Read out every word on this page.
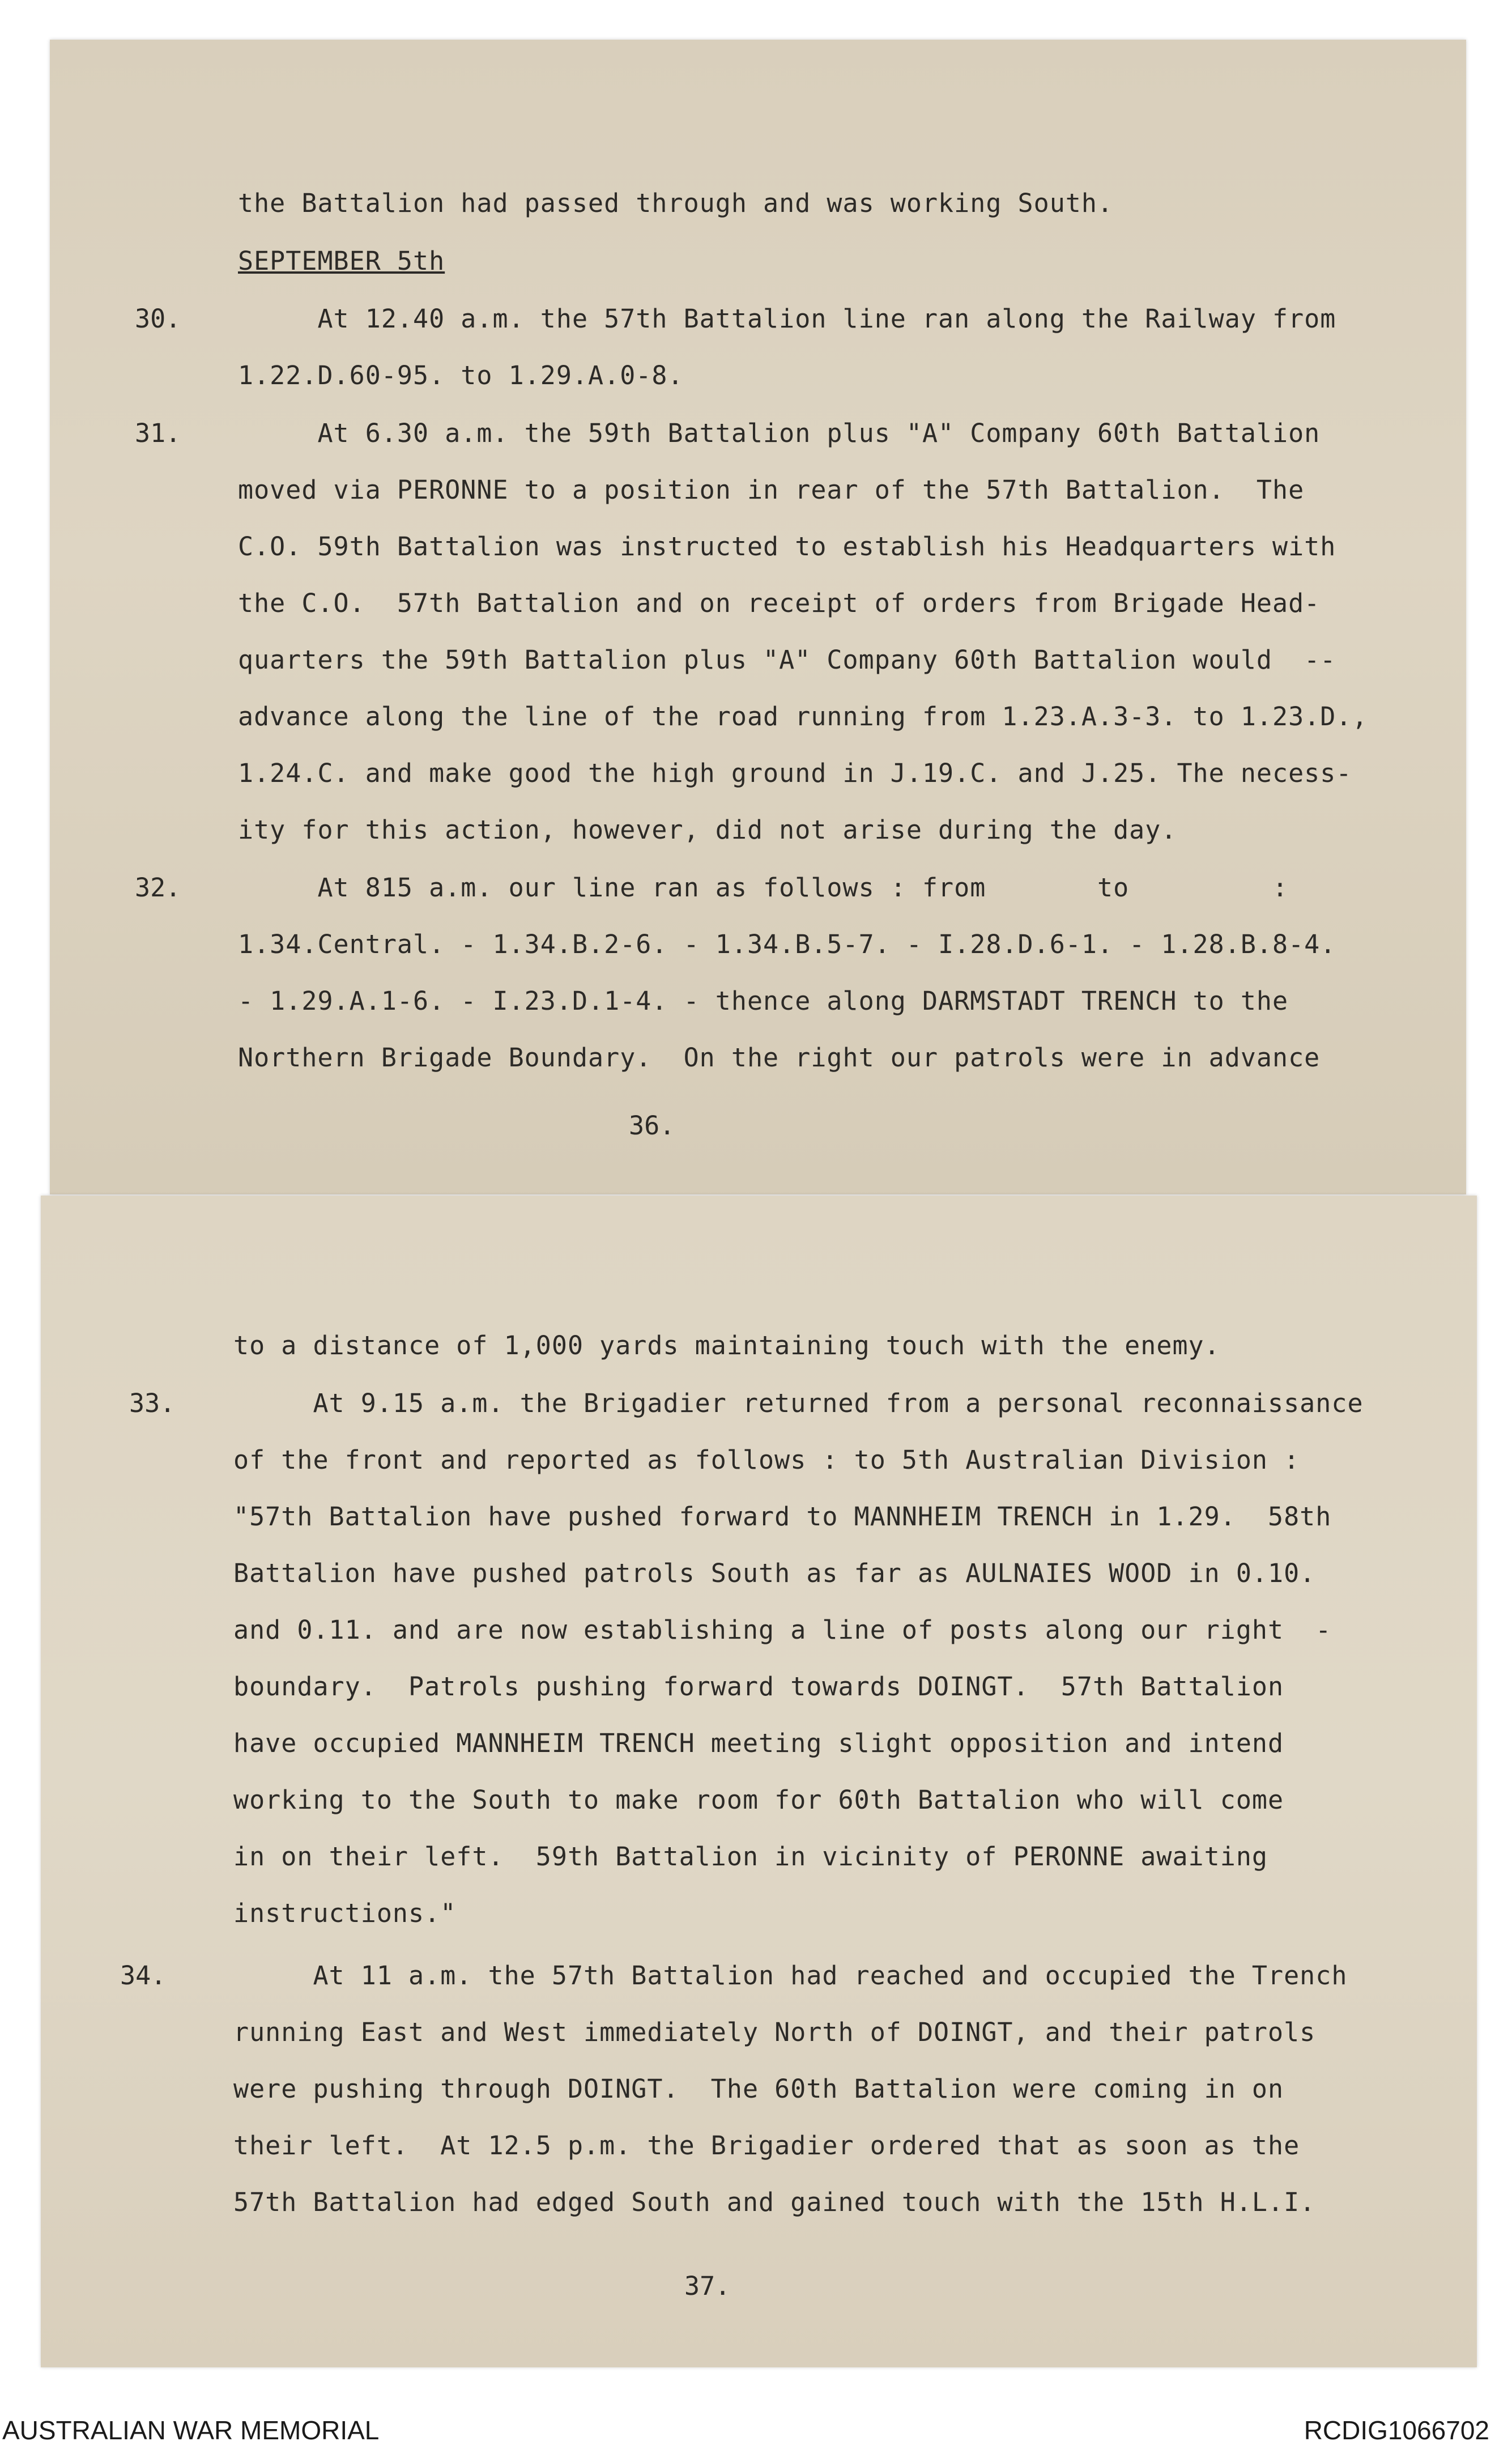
the Battalion had passed through and was working South.
SEPTEMBER 5th
30. At 12.40 a.m. the 57th Battalion line ran along the Railway from
1.22.D.60-95. to 1.29.A.0-8.
31. At 6.30 a.m. the 59th Battalion plus "A" Company 60th Battalion
moved via PERONNE to a position in rear of the 57th Battalion.  The
C.O. 59th Battalion was instructed to establish his Headquarters with
the C.O.  57th Battalion and on receipt of orders from Brigade Head-
quarters the 59th Battalion plus "A" Company 60th Battalion would  --
advance along the line of the road running from 1.23.A.3-3. to 1.23.D.,
1.24.C. and make good the high ground in J.19.C. and J.25. The necess-
ity for this action, however, did not arise during the day.
32. At 815 a.m. our line ran as follows : from       to         :
1.34.Central. - 1.34.B.2-6. - 1.34.B.5-7. - I.28.D.6-1. - 1.28.B.8-4.
- 1.29.A.1-6. - I.23.D.1-4. - thence along DARMSTADT TRENCH to the
Northern Brigade Boundary.  On the right our patrols were in advance
36.
to a distance of 1,000 yards maintaining touch with the enemy.
33. At 9.15 a.m. the Brigadier returned from a personal reconnaissance
of the front and reported as follows : to 5th Australian Division :
"57th Battalion have pushed forward to MANNHEIM TRENCH in 1.29.  58th
Battalion have pushed patrols South as far as AULNAIES WOOD in 0.10.
and 0.11. and are now establishing a line of posts along our right  -
boundary.  Patrols pushing forward towards DOINGT.  57th Battalion
have occupied MANNHEIM TRENCH meeting slight opposition and intend
working to the South to make room for 60th Battalion who will come
in on their left.  59th Battalion in vicinity of PERONNE awaiting
instructions."
34.	At 11 a.m. the 57th Battalion had reached and occupied the Trench
running East and West immediately North of DOINGT, and their patrols
were pushing through DOINGT.  The 60th Battalion were coming in on
their left.  At 12.5 p.m. the Brigadier ordered that as soon as the
57th Battalion had edged South and gained touch with the 15th H.L.I.
37.
AUSTRALIAN WAR MEMORIAL	RCDIG1066702
